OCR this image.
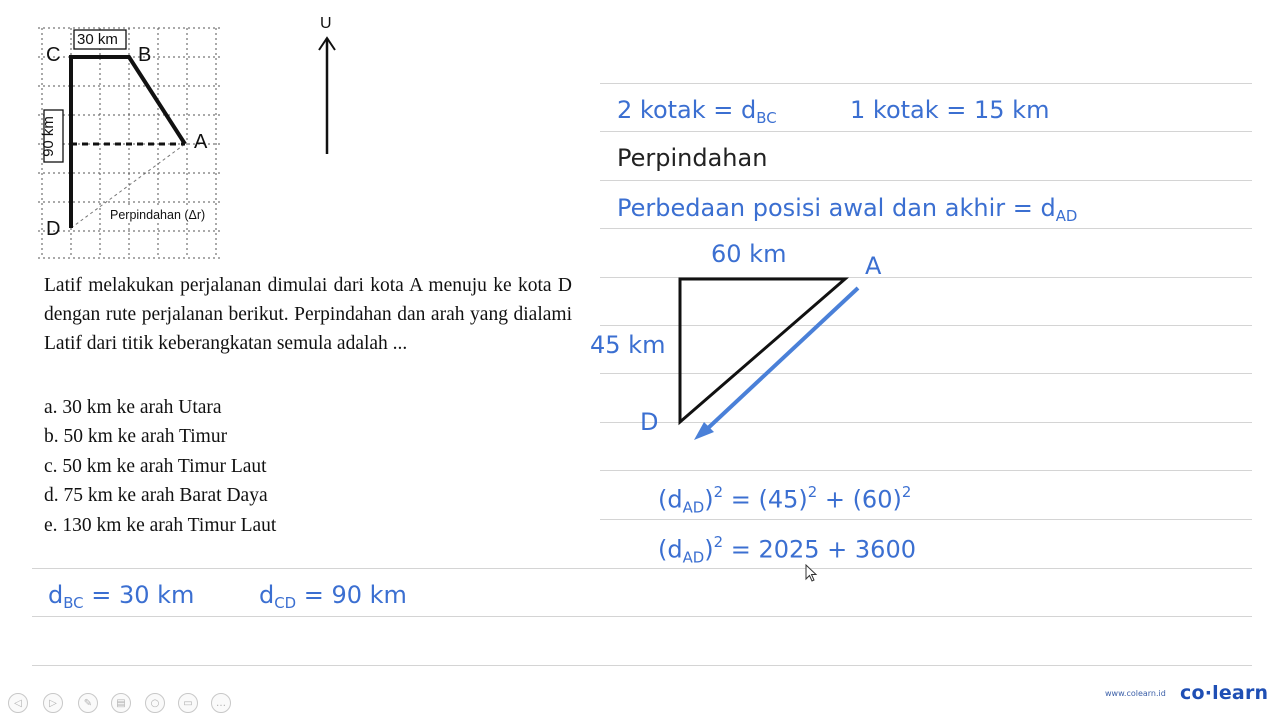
30 km
90 km
C	B
A
D
Perpindahan (Δr)
U
Latif melakukan perjalanan dimulai dari kota A menuju ke kota D dengan rute perjalanan berikut. Perpindahan dan arah yang dialami Latif dari titik keberangkatan semula adalah ...
a. 30 km ke arah Utara
b. 50 km ke arah Timur
c. 50 km ke arah Timur Laut
d. 75 km ke arah Barat Daya
e. 130 km ke arah Timur Laut
2 kotak = $d_{BC}$	1 kotak = 15 km
Perpindahan
Perbedaan posisi awal dan akhir = $d_{AD}$
60 km
45 km
A
D
$(d_{AD})^2 = (45)^2 + (60)^2$
$(d_{AD})^2 = 2025 + 3600$
$d_{BC} = 30$ km	$d_{CD} = 90$ km
◁	▷	✎	▤	○	▭	…
www.colearn.id co·learn
